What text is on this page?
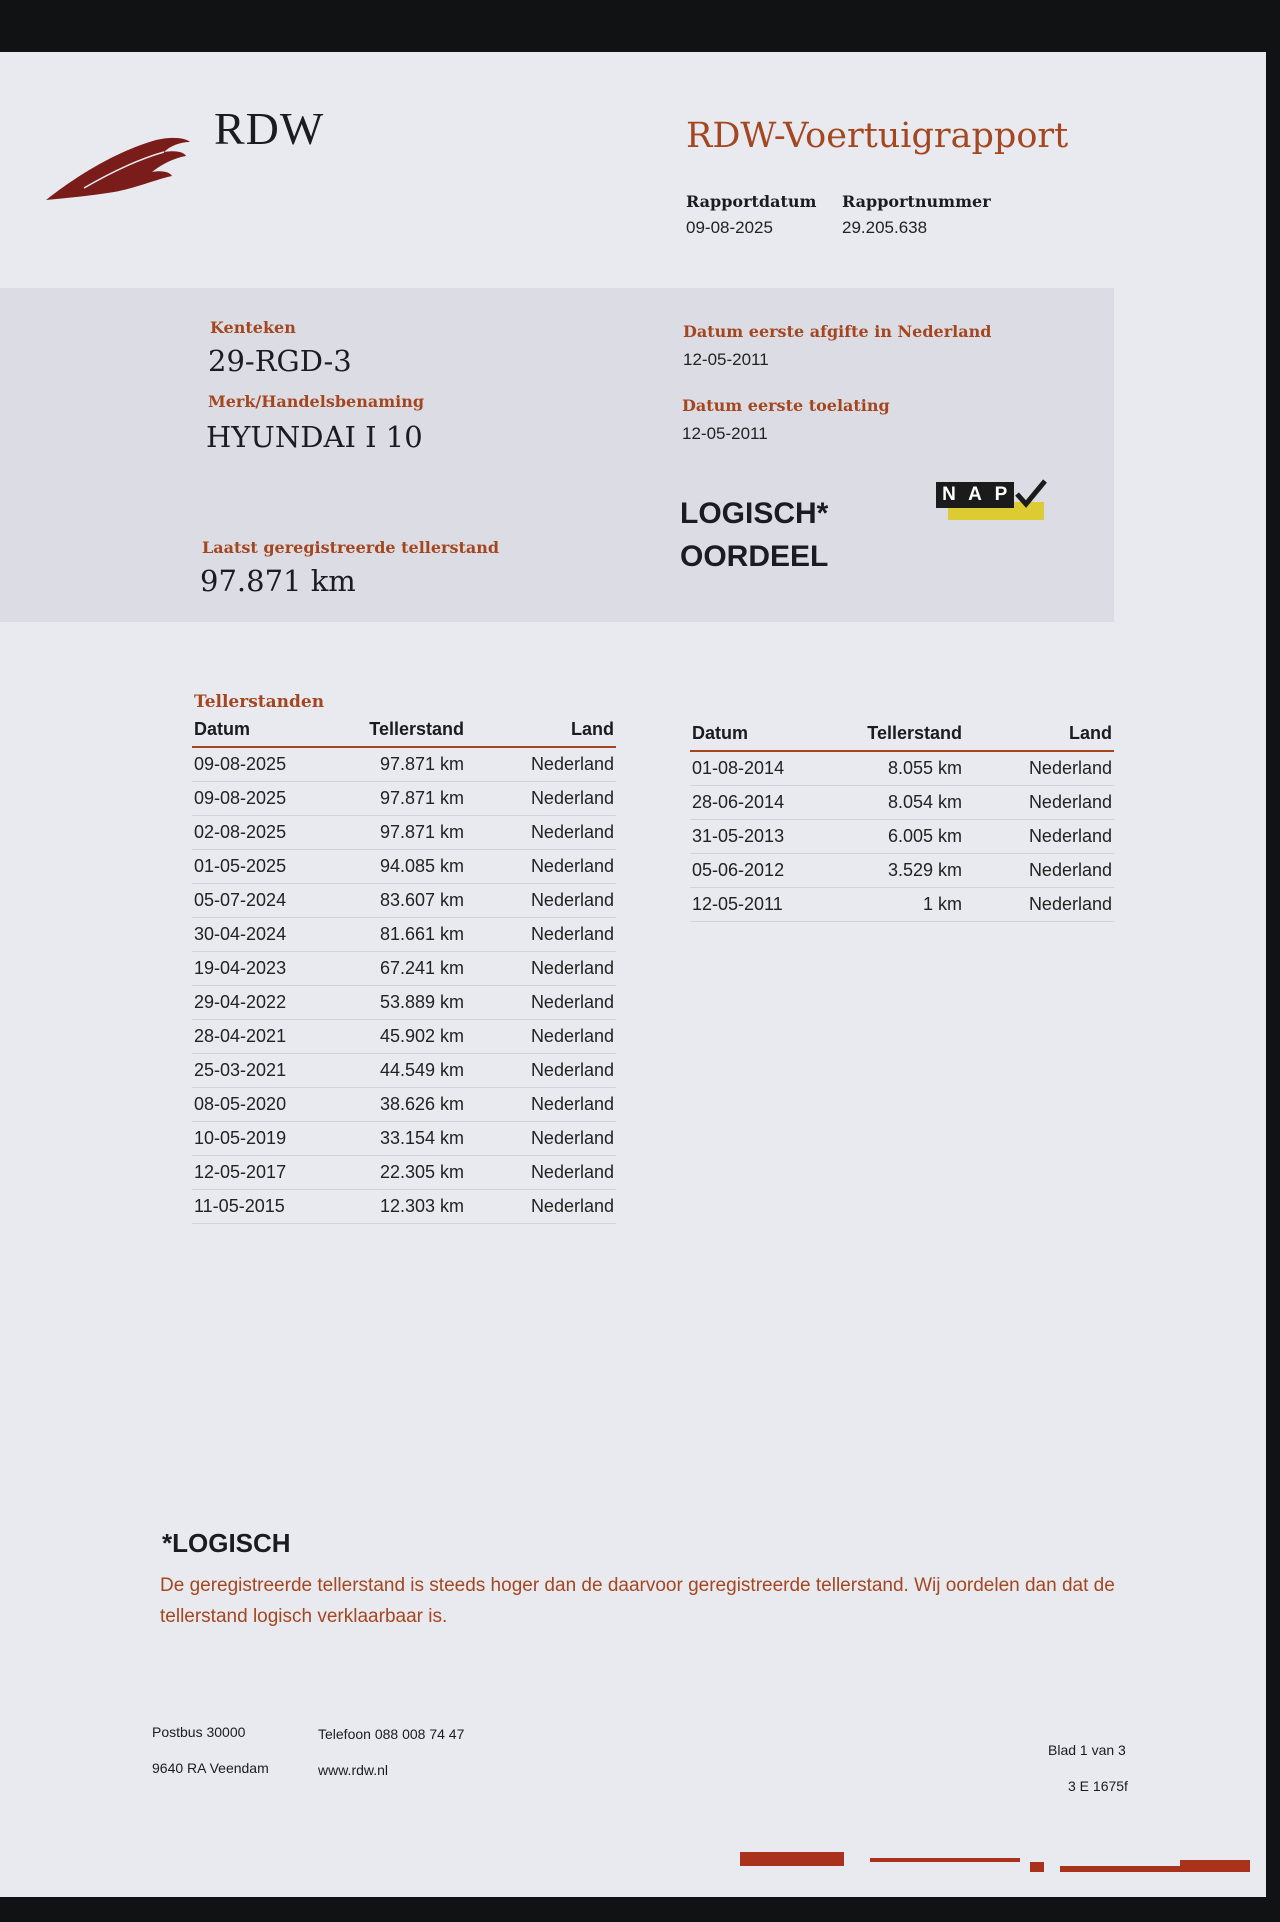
RDW	RDW-Voertuigrapport
Rapportdatum
09-08-2025
Rapportnummer
29.205.638
Kenteken
29-RGD-3
Merk/Handelsbenaming
HYUNDAI I 10
Laatst geregistreerde tellerstand
97.871 km
Datum eerste afgifte in Nederland
12-05-2011
Datum eerste toelating
12-05-2011
LOGISCH*
OORDEEL
N A P
Tellerstanden
Datum	Tellerstand	Land
09-08-2025	97.871 km	Nederland
09-08-2025	97.871 km	Nederland
02-08-2025	97.871 km	Nederland
01-05-2025	94.085 km	Nederland
05-07-2024	83.607 km	Nederland
30-04-2024	81.661 km	Nederland
19-04-2023	67.241 km	Nederland
29-04-2022	53.889 km	Nederland
28-04-2021	45.902 km	Nederland
25-03-2021	44.549 km	Nederland
08-05-2020	38.626 km	Nederland
10-05-2019	33.154 km	Nederland
12-05-2017	22.305 km	Nederland
11-05-2015	12.303 km	Nederland
Datum	Tellerstand	Land
01-08-2014	8.055 km	Nederland
28-06-2014	8.054 km	Nederland
31-05-2013	6.005 km	Nederland
05-06-2012	3.529 km	Nederland
12-05-2011	1 km	Nederland
*LOGISCH
De geregistreerde tellerstand is steeds hoger dan de daarvoor geregistreerde tellerstand. Wij oordelen dan dat de tellerstand logisch verklaarbaar is.
Postbus 30000
9640 RA Veendam
Telefoon 088 008 74 47
www.rdw.nl
Blad 1 van 3
3 E 1675f
